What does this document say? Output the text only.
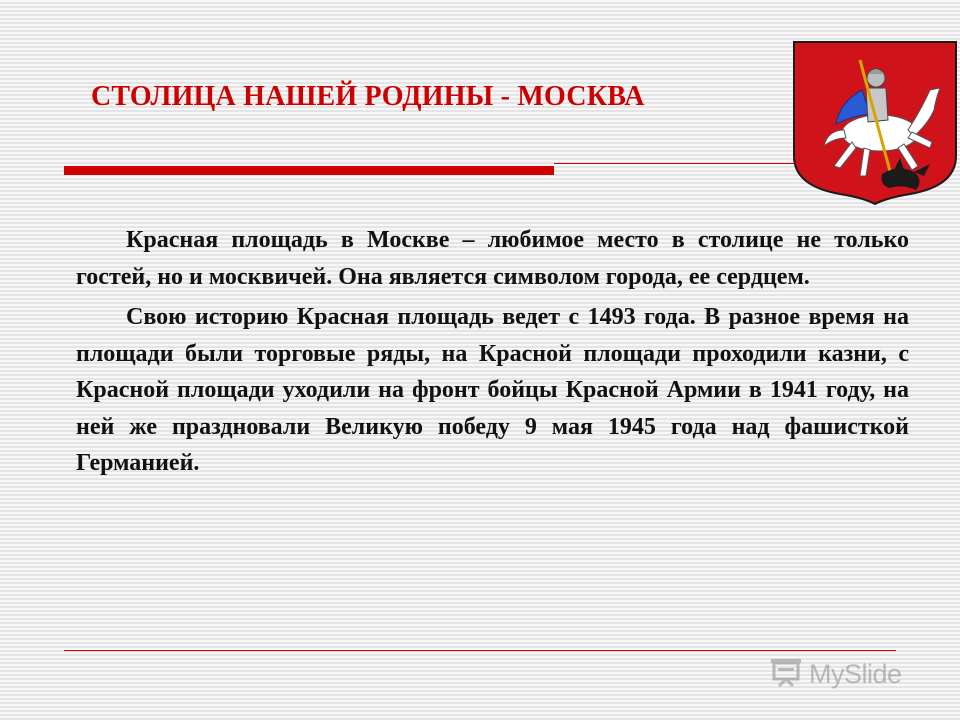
СТОЛИЦА НАШЕЙ РОДИНЫ - МОСКВА

Красная площадь в Москве – любимое место в столице не только гостей, но и москвичей. Она является символом города, ее сердцем.

Свою историю Красная площадь ведет с 1493 года. В разное время на площади были торговые ряды, на Красной площади проходили казни, с Красной площади уходили на фронт бойцы Красной Армии в 1941 году, на ней же праздновали Великую победу 9 мая 1945 года над фашисткой Германией.

MySlide
